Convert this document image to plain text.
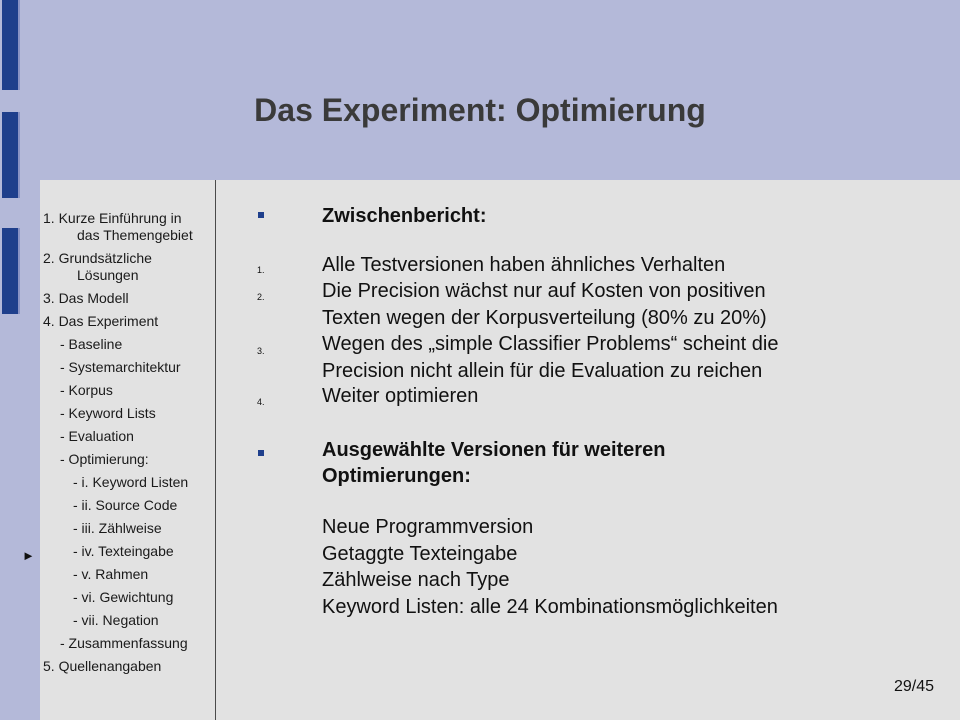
Das Experiment: Optimierung
1. Kurze Einführung in
das Themengebiet
2. Grundsätzliche
Lösungen
3. Das Modell
4. Das Experiment
- Baseline
- Systemarchitektur
- Korpus
- Keyword Lists
- Evaluation
- Optimierung:
- i. Keyword Listen
- ii. Source Code
- iii. Zählweise
- iv. Texteingabe
- v. Rahmen
- vi. Gewichtung
- vii. Negation
- Zusammenfassung
5. Quellenangaben
►
Zwischenbericht:
1.	Alle Testversionen haben ähnliches Verhalten
2.	Die Precision wächst nur auf Kosten von positiven
Texten wegen der Korpusverteilung (80% zu 20%)
3.	Wegen des „simple Classifier Problems“ scheint die
Precision nicht allein für die Evaluation zu reichen
4.	Weiter optimieren
Ausgewählte Versionen für weiteren
Optimierungen:
Neue Programmversion
Getaggte Texteingabe
Zählweise nach Type
Keyword Listen: alle 24 Kombinationsmöglichkeiten
29/45
